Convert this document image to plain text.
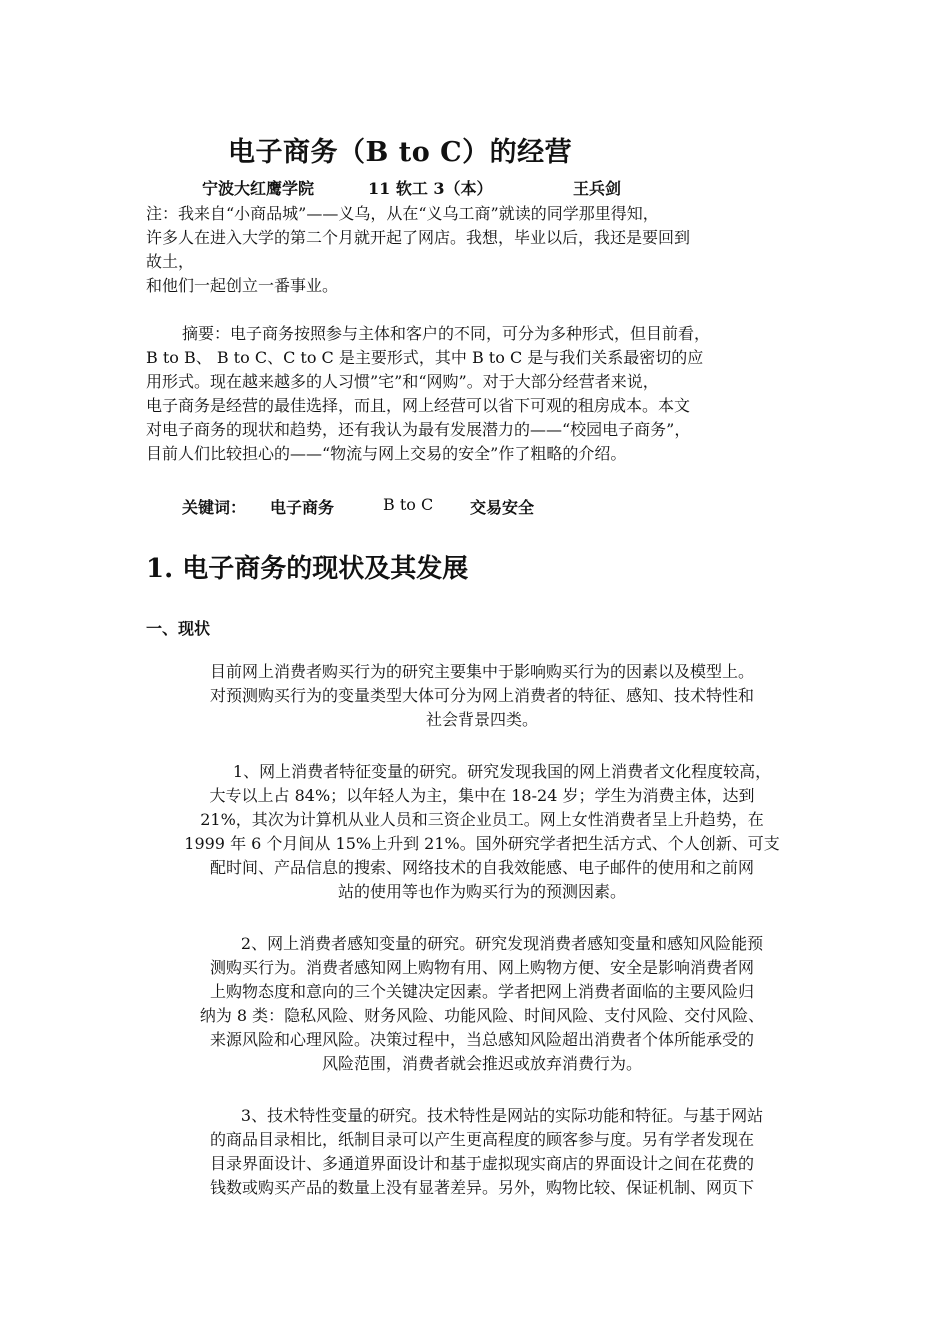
电子商务（B to C）的经营
宁波大红鹰学院	11 软工 3（本）	王兵剑
注：我来自“小商品城”——义乌，从在“义乌工商”就读的同学那里得知，
许多人在进入大学的第二个月就开起了网店。我想，毕业以后，我还是要回到
故土，
和他们一起创立一番事业。
摘要：电子商务按照参与主体和客户的不同，可分为多种形式，但目前看，
B to B、 B to C、C to C 是主要形式，其中 B to C 是与我们关系最密切的应
用形式。现在越来越多的人习惯”宅”和“网购”。对于大部分经营者来说，
电子商务是经营的最佳选择，而且，网上经营可以省下可观的租房成本。本文
对电子商务的现状和趋势，还有我认为最有发展潜力的——“校园电子商务”，
目前人们比较担心的——“物流与网上交易的安全”作了粗略的介绍。
关键词： 电子商务	B to C 交易安全
1. 电子商务的现状及其发展
一、现状
目前网上消费者购买行为的研究主要集中于影响购买行为的因素以及模型上。
对预测购买行为的变量类型大体可分为网上消费者的特征、感知、技术特性和
社会背景四类。
1、网上消费者特征变量的研究。研究发现我国的网上消费者文化程度较高，
大专以上占 84%；以年轻人为主，集中在 18-24 岁；学生为消费主体，达到
21%，其次为计算机从业人员和三资企业员工。网上女性消费者呈上升趋势，在
1999 年 6 个月间从 15%上升到 21%。国外研究学者把生活方式、个人创新、可支
配时间、产品信息的搜索、网络技术的自我效能感、电子邮件的使用和之前网
站的使用等也作为购买行为的预测因素。
2、网上消费者感知变量的研究。研究发现消费者感知变量和感知风险能预
测购买行为。消费者感知网上购物有用、网上购物方便、安全是影响消费者网
上购物态度和意向的三个关键决定因素。学者把网上消费者面临的主要风险归
纳为 8 类：隐私风险、财务风险、功能风险、时间风险、支付风险、交付风险、
来源风险和心理风险。决策过程中，当总感知风险超出消费者个体所能承受的
风险范围，消费者就会推迟或放弃消费行为。
3、技术特性变量的研究。技术特性是网站的实际功能和特征。与基于网站
的商品目录相比，纸制目录可以产生更高程度的顾客参与度。另有学者发现在
目录界面设计、多通道界面设计和基于虚拟现实商店的界面设计之间在花费的
钱数或购买产品的数量上没有显著差异。另外，购物比较、保证机制、网页下
